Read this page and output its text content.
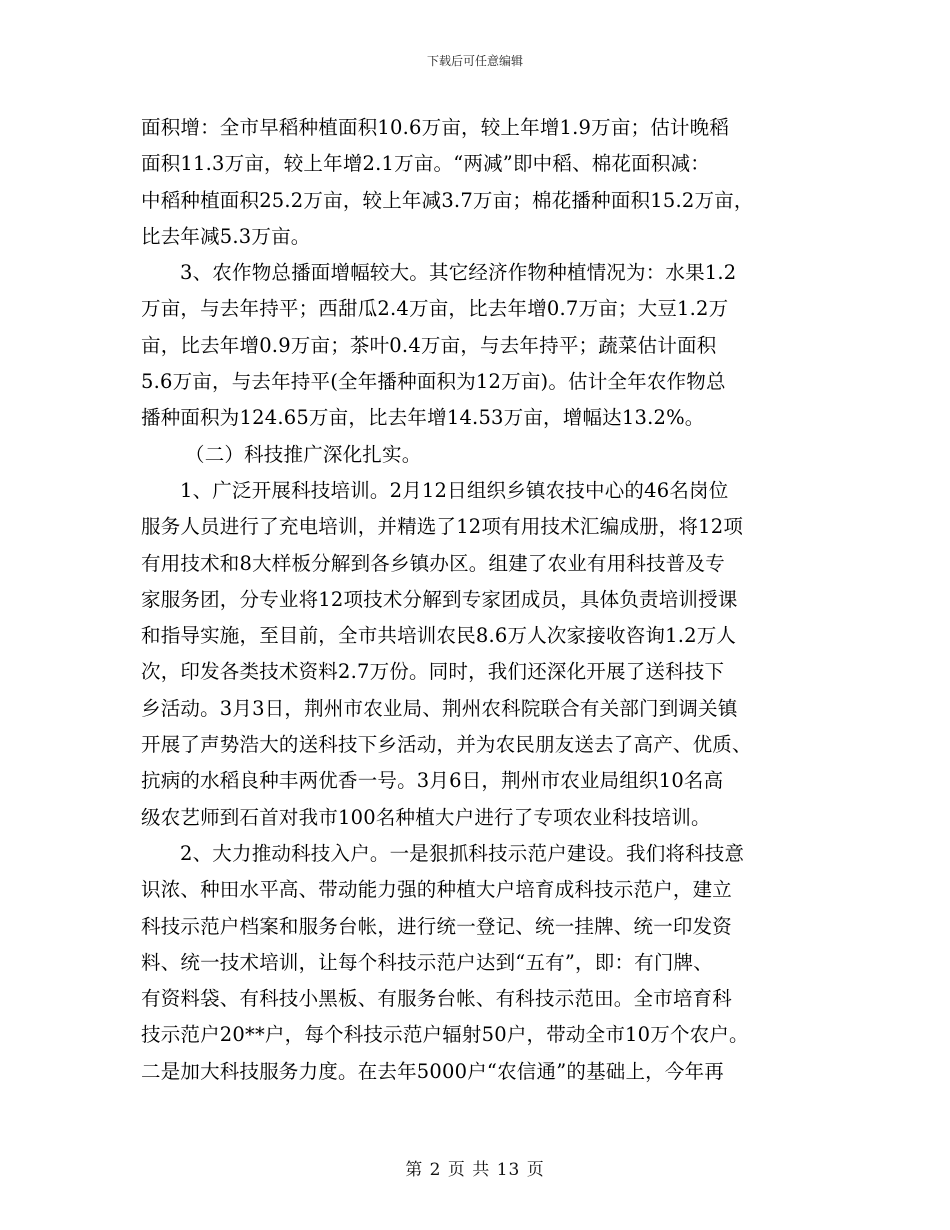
下载后可任意编辑
面积增：全市早稻种植面积10.6万亩，较上年增1.9万亩；估计晚稻
面积11.3万亩，较上年增2.1万亩。“两减”即中稻、棉花面积减：
中稻种植面积25.2万亩，较上年减3.7万亩；棉花播种面积15.2万亩，
比去年减5.3万亩。
3、农作物总播面增幅较大。其它经济作物种植情况为：水果1.2
万亩，与去年持平；西甜瓜2.4万亩，比去年增0.7万亩；大豆1.2万
亩，比去年增0.9万亩；茶叶0.4万亩，与去年持平；蔬菜估计面积
5.6万亩，与去年持平(全年播种面积为12万亩)。估计全年农作物总
播种面积为124.65万亩，比去年增14.53万亩，增幅达13.2%。
（二）科技推广深化扎实。
1、广泛开展科技培训。2月12日组织乡镇农技中心的46名岗位
服务人员进行了充电培训，并精选了12项有用技术汇编成册，将12项
有用技术和8大样板分解到各乡镇办区。组建了农业有用科技普及专
家服务团，分专业将12项技术分解到专家团成员，具体负责培训授课
和指导实施，至目前，全市共培训农民8.6万人次家接收咨询1.2万人
次，印发各类技术资料2.7万份。同时，我们还深化开展了送科技下
乡活动。3月3日，荆州市农业局、荆州农科院联合有关部门到调关镇
开展了声势浩大的送科技下乡活动，并为农民朋友送去了高产、优质、
抗病的水稻良种丰两优香一号。3月6日，荆州市农业局组织10名高
级农艺师到石首对我市100名种植大户进行了专项农业科技培训。
2、大力推动科技入户。一是狠抓科技示范户建设。我们将科技意
识浓、种田水平高、带动能力强的种植大户培育成科技示范户，建立
科技示范户档案和服务台帐，进行统一登记、统一挂牌、统一印发资
料、统一技术培训，让每个科技示范户达到“五有”，即：有门牌、
有资料袋、有科技小黑板、有服务台帐、有科技示范田。全市培育科
技示范户20**户，每个科技示范户辐射50户，带动全市10万个农户。
二是加大科技服务力度。在去年5000户“农信通”的基础上，今年再
第 2 页 共 13 页
